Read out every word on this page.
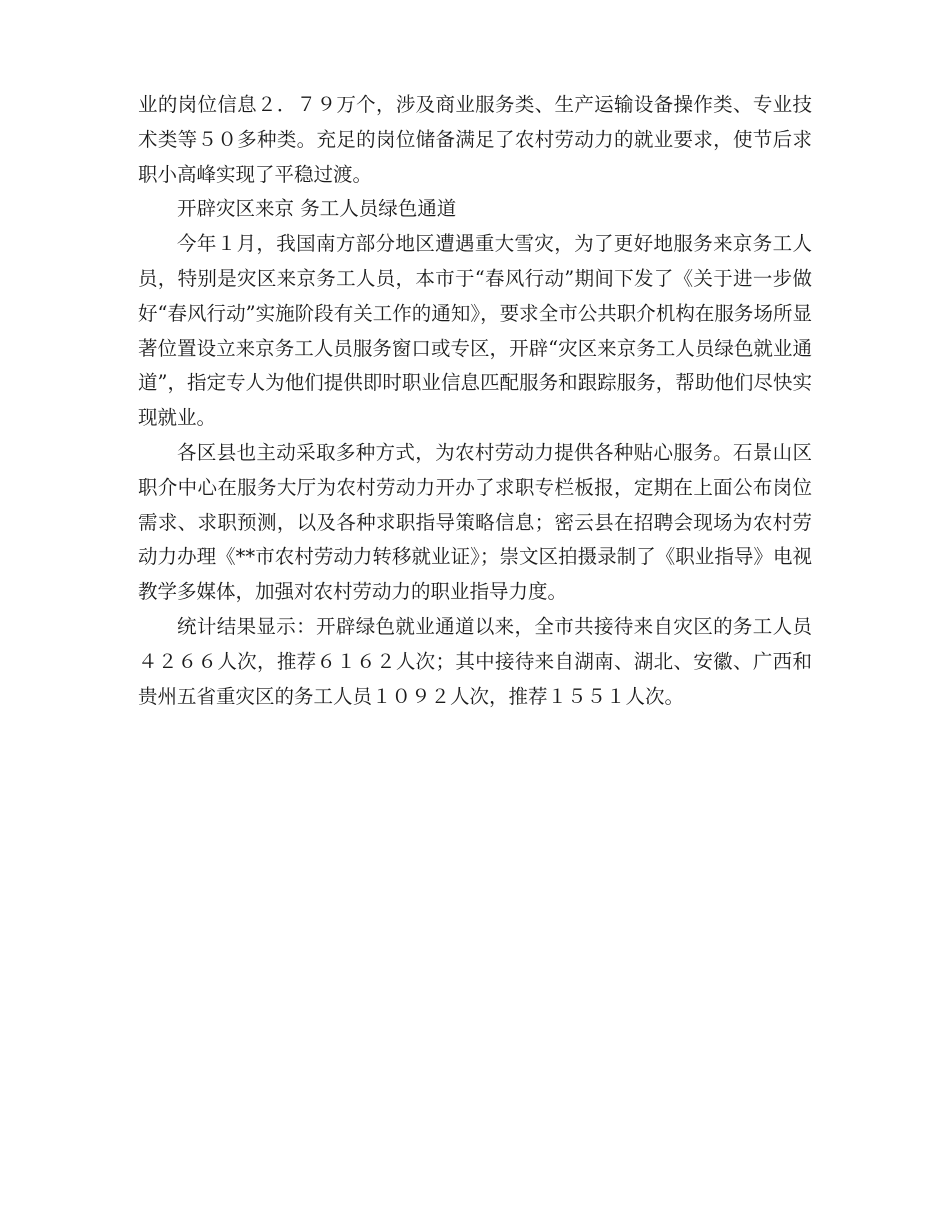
业的岗位信息２．７９万个，涉及商业服务类、生产运输设备操作类、专业技术类等５０多种类。充足的岗位储备满足了农村劳动力的就业要求，使节后求职小高峰实现了平稳过渡。

开辟灾区来京 务工人员绿色通道

今年１月，我国南方部分地区遭遇重大雪灾，为了更好地服务来京务工人员，特别是灾区来京务工人员，本市于“春风行动”期间下发了《关于进一步做好“春风行动”实施阶段有关工作的通知》，要求全市公共职介机构在服务场所显著位置设立来京务工人员服务窗口或专区，开辟“灾区来京务工人员绿色就业通道”，指定专人为他们提供即时职业信息匹配服务和跟踪服务，帮助他们尽快实现就业。

各区县也主动采取多种方式，为农村劳动力提供各种贴心服务。石景山区职介中心在服务大厅为农村劳动力开办了求职专栏板报，定期在上面公布岗位需求、求职预测，以及各种求职指导策略信息；密云县在招聘会现场为农村劳动力办理《**市农村劳动力转移就业证》；崇文区拍摄录制了《职业指导》电视教学多媒体，加强对农村劳动力的职业指导力度。

统计结果显示：开辟绿色就业通道以来，全市共接待来自灾区的务工人员４２６６人次，推荐６１６２人次；其中接待来自湖南、湖北、安徽、广西和贵州五省重灾区的务工人员１０９２人次，推荐１５５１人次。
